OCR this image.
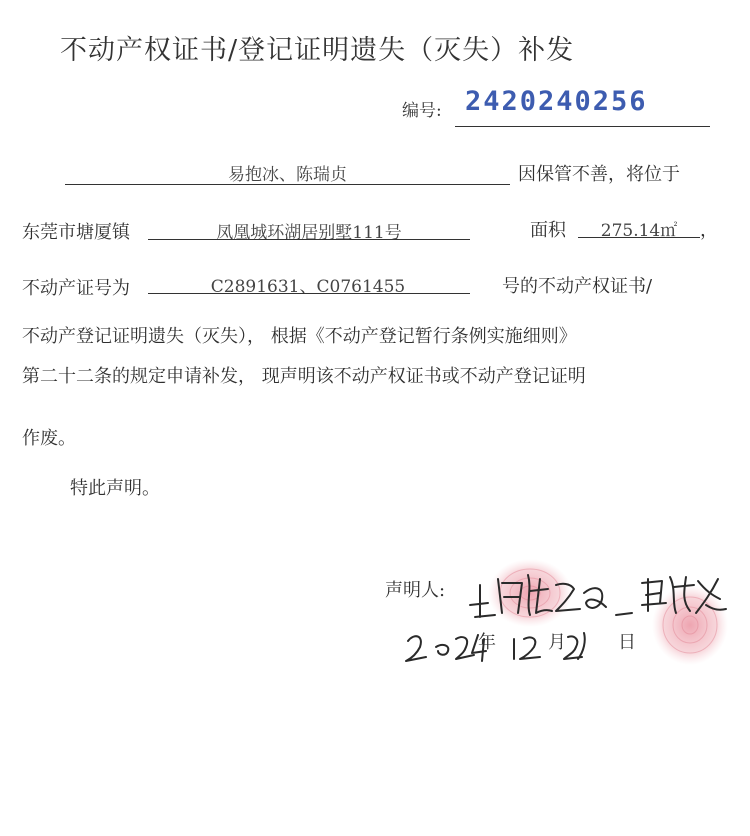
不动产权证书/登记证明遗失（灭失）补发
编号: 2420240256
易抱冰、陈瑞贞	因保管不善，将位于
东莞市塘厦镇	凤凰城环湖居别墅111号	面积	275.14㎡	，
不动产证号为	C2891631、C0761455	号的不动产权证书/
不动产登记证明遗失（灭失）， 根据《不动产登记暂行条例实施细则》
第二十二条的规定申请补发， 现声明该不动产权证书或不动产登记证明
作废。
特此声明。
声明人:
年	月	日
